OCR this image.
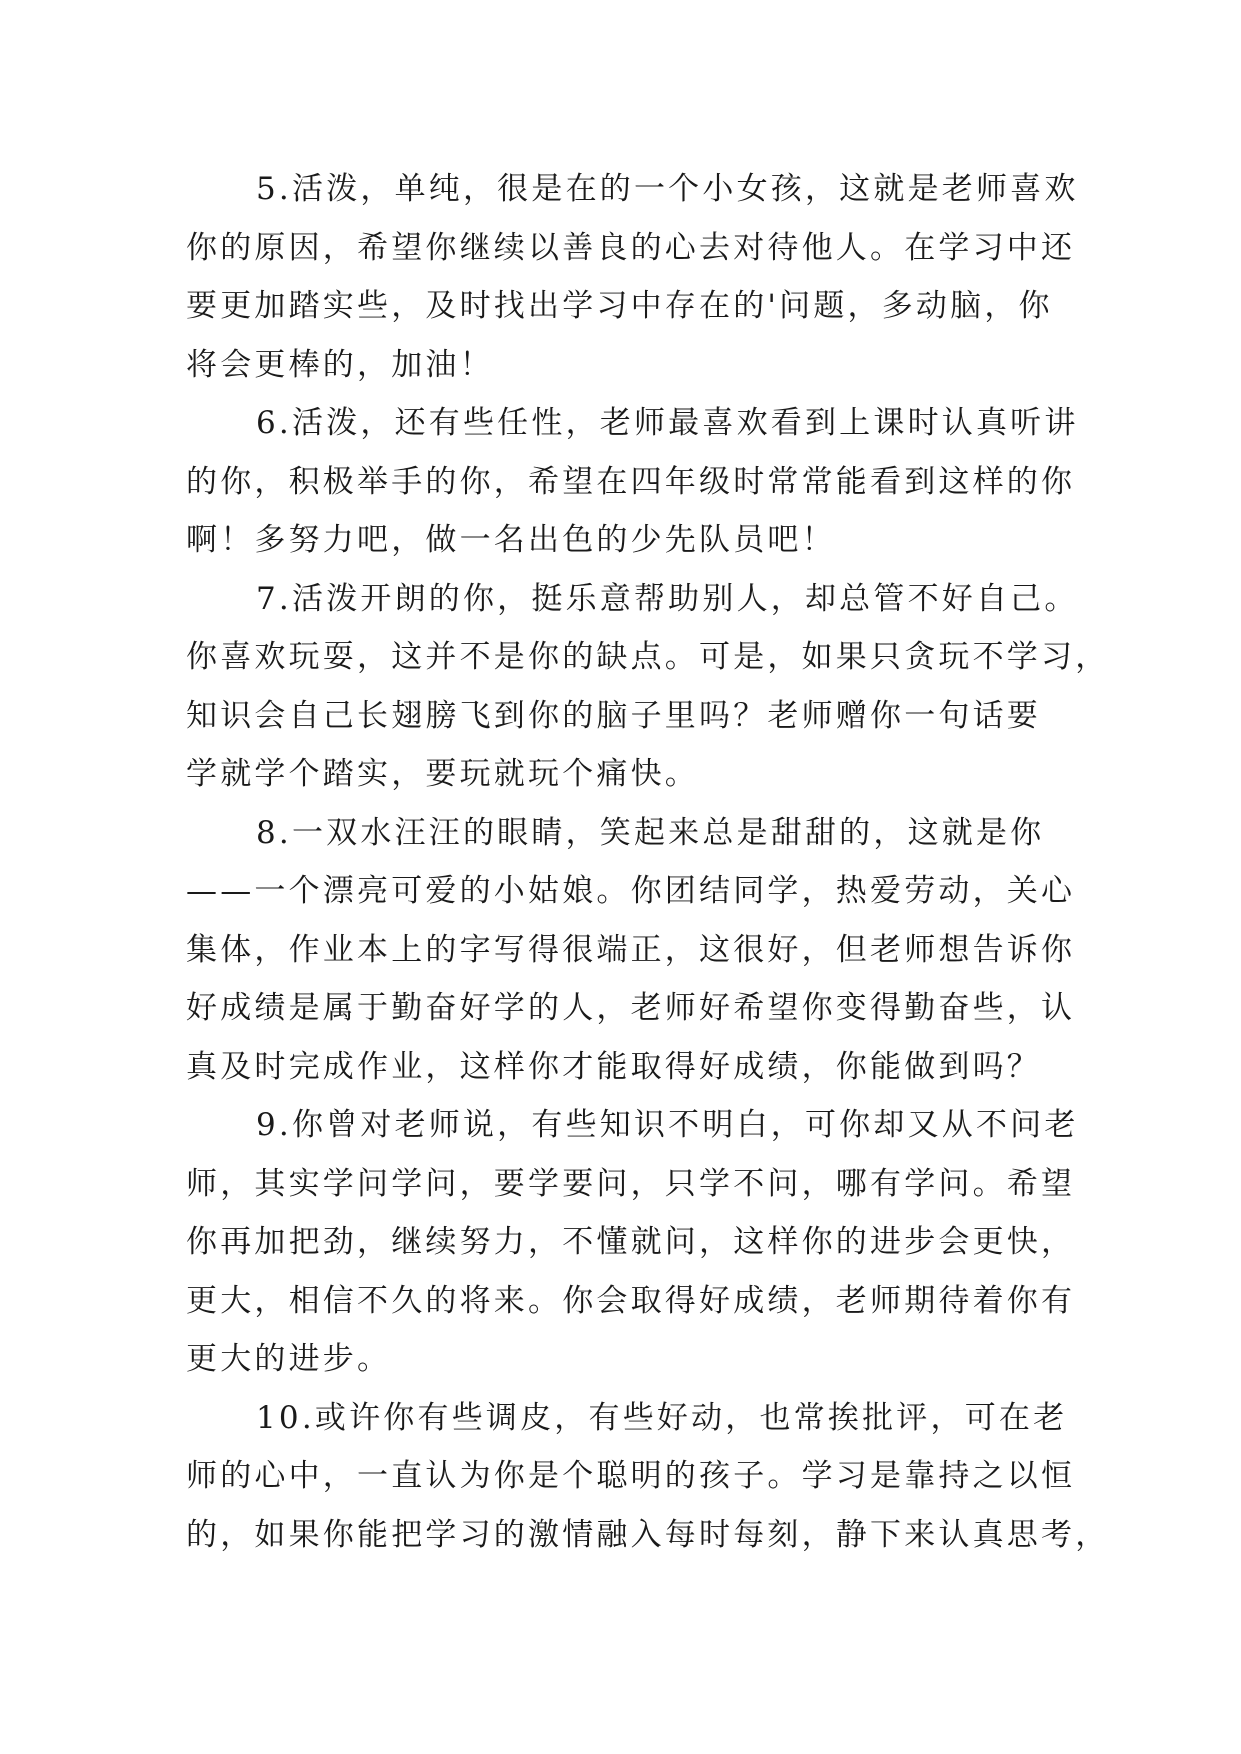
5.活泼，单纯，很是在的一个小女孩，这就是老师喜欢
你的原因，希望你继续以善良的心去对待他人。在学习中还
要更加踏实些，及时找出学习中存在的'问题，多动脑，你
将会更棒的，加油！
6.活泼，还有些任性，老师最喜欢看到上课时认真听讲
的你，积极举手的你，希望在四年级时常常能看到这样的你
啊！多努力吧，做一名出色的少先队员吧！
7.活泼开朗的你，挺乐意帮助别人，却总管不好自己。
你喜欢玩耍，这并不是你的缺点。可是，如果只贪玩不学习，
知识会自己长翅膀飞到你的脑子里吗？老师赠你一句话要
学就学个踏实，要玩就玩个痛快。
8.一双水汪汪的眼睛，笑起来总是甜甜的，这就是你
——一个漂亮可爱的小姑娘。你团结同学，热爱劳动，关心
集体，作业本上的字写得很端正，这很好，但老师想告诉你
好成绩是属于勤奋好学的人，老师好希望你变得勤奋些，认
真及时完成作业，这样你才能取得好成绩，你能做到吗？
9.你曾对老师说，有些知识不明白，可你却又从不问老
师，其实学问学问，要学要问，只学不问，哪有学问。希望
你再加把劲，继续努力，不懂就问，这样你的进步会更快，
更大，相信不久的将来。你会取得好成绩，老师期待着你有
更大的进步。
10.或许你有些调皮，有些好动，也常挨批评，可在老
师的心中，一直认为你是个聪明的孩子。学习是靠持之以恒
的，如果你能把学习的激情融入每时每刻，静下来认真思考，
